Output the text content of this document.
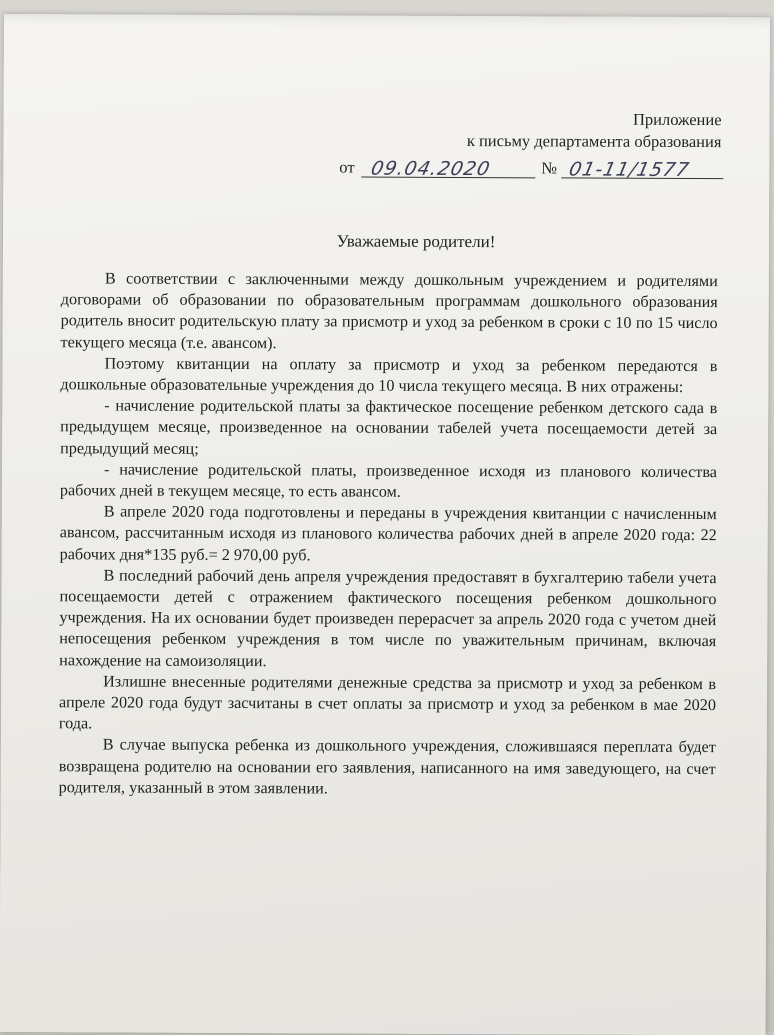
Приложение
к письму департамента образования
от 09.04.2020	№ 01-11/1577
Уважаемые родители!

В соответствии с заключенными между дошкольным учреждением и родителями договорами об образовании по образовательным программам дошкольного образования родитель вносит родительскую плату за присмотр и уход за ребенком в сроки с 10 по 15 число текущего месяца (т.е. авансом).

Поэтому квитанции на оплату за присмотр и уход за ребенком передаются в дошкольные образовательные учреждения до 10 числа текущего месяца. В них отражены:

- начисление родительской платы за фактическое посещение ребенком детского сада в предыдущем месяце, произведенное на основании табелей учета посещаемости детей за предыдущий месяц;

- начисление родительской платы, произведенное исходя из планового количества рабочих дней в текущем месяце, то есть авансом.

В апреле 2020 года подготовлены и переданы в учреждения квитанции с начисленным авансом, рассчитанным исходя из планового количества рабочих дней в апреле 2020 года: 22 рабочих дня*135 руб.= 2 970,00 руб.

В последний рабочий день апреля учреждения предоставят в бухгалтерию табели учета посещаемости детей с отражением фактического посещения ребенком дошкольного учреждения. На их основании будет произведен перерасчет за апрель 2020 года с учетом дней непосещения ребенком учреждения в том числе по уважительным причинам, включая нахождение на самоизоляции.

Излишне внесенные родителями денежные средства за присмотр и уход за ребенком в апреле 2020 года будут засчитаны в счет оплаты за присмотр и уход за ребенком в мае 2020 года.

В случае выпуска ребенка из дошкольного учреждения, сложившаяся переплата будет возвращена родителю на основании его заявления, написанного на имя заведующего, на счет родителя, указанный в этом заявлении.
